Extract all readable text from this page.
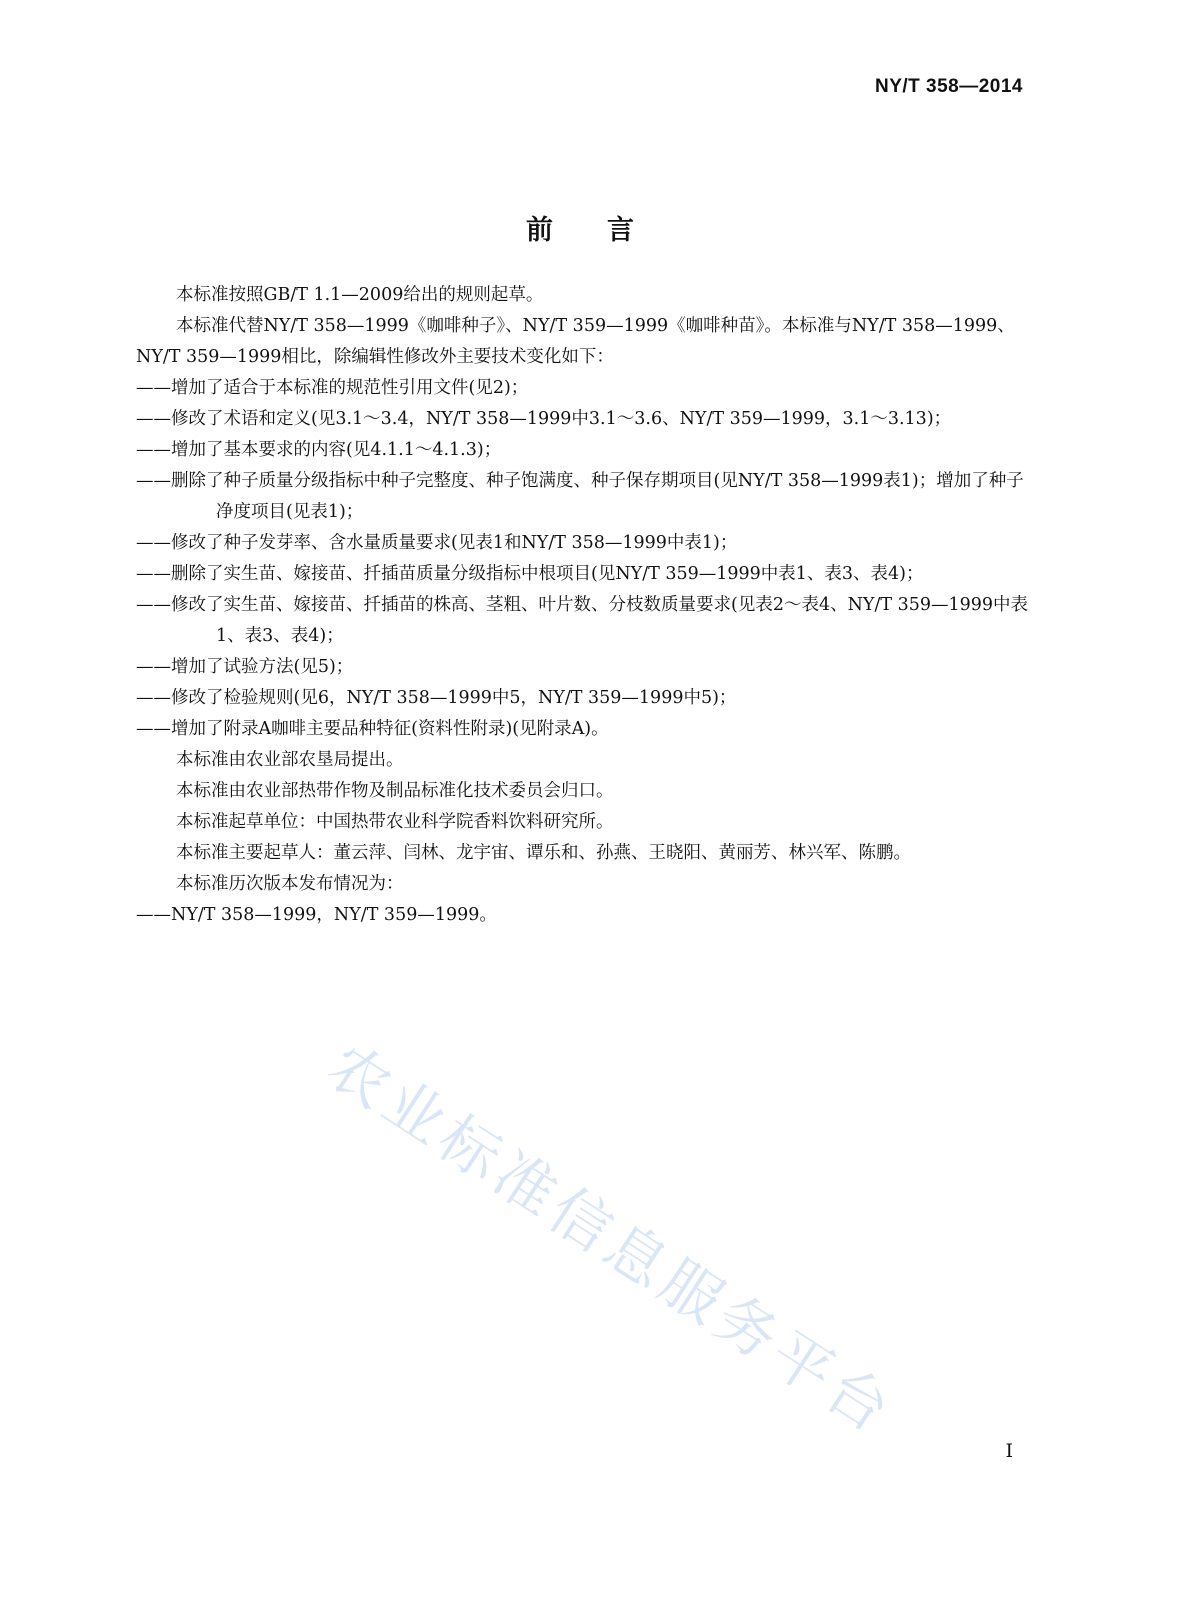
NY/T 358—2014
前言

本标准按照GB/T 1.1—2009给出的规则起草。

本标准代替NY/T 358—1999《咖啡种子》、NY/T 359—1999《咖啡种苗》。本标准与NY/T 358—1999、NY/T 359—1999相比，除编辑性修改外主要技术变化如下：

——增加了适合于本标准的规范性引用文件(见2)；

——修改了术语和定义(见3.1～3.4，NY/T 358—1999中3.1～3.6、NY/T 359—1999，3.1～3.13)；

——增加了基本要求的内容(见4.1.1～4.1.3)；

——删除了种子质量分级指标中种子完整度、种子饱满度、种子保存期项目(见NY/T 358—1999表1)；增加了种子净度项目(见表1)；

——修改了种子发芽率、含水量质量要求(见表1和NY/T 358—1999中表1)；

——删除了实生苗、嫁接苗、扦插苗质量分级指标中根项目(见NY/T 359—1999中表1、表3、表4)；

——修改了实生苗、嫁接苗、扦插苗的株高、茎粗、叶片数、分枝数质量要求(见表2～表4、NY/T 359—1999中表1、表3、表4)；

——增加了试验方法(见5)；

——修改了检验规则(见6，NY/T 358—1999中5，NY/T 359—1999中5)；

——增加了附录A咖啡主要品种特征(资料性附录)(见附录A)。

本标准由农业部农垦局提出。

本标准由农业部热带作物及制品标准化技术委员会归口。

本标准起草单位：中国热带农业科学院香料饮料研究所。

本标准主要起草人：董云萍、闫林、龙宇宙、谭乐和、孙燕、王晓阳、黄丽芳、林兴军、陈鹏。

本标准历次版本发布情况为：

——NY/T 358—1999，NY/T 359—1999。

农业标准信息服务平台
I
